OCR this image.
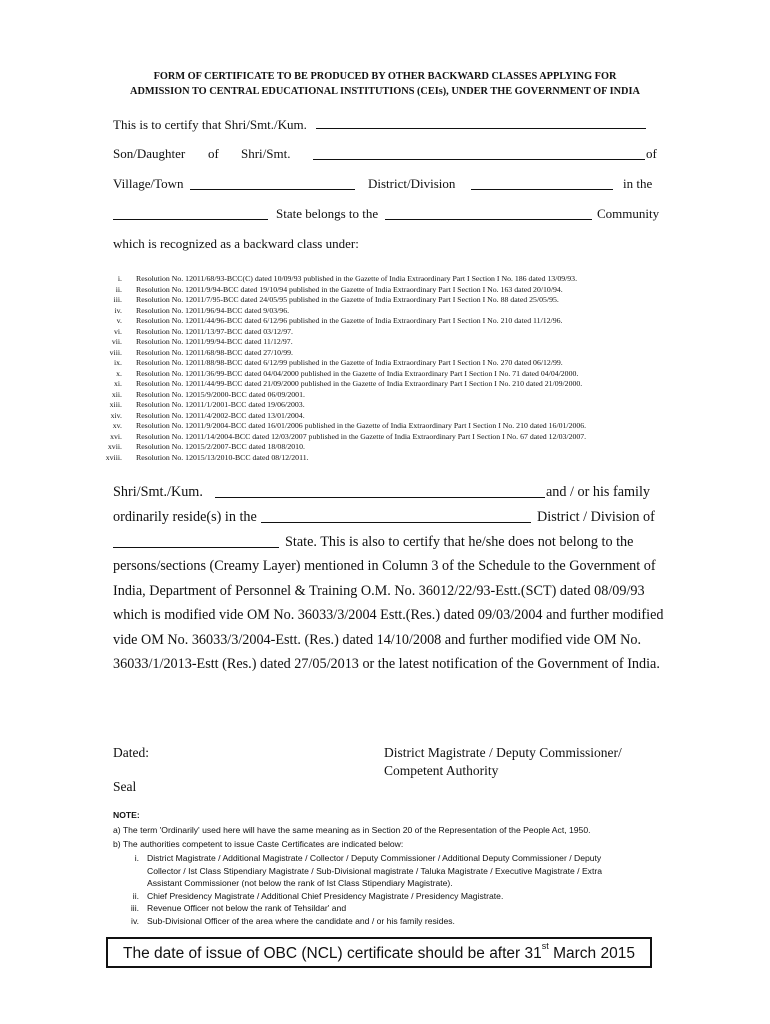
FORM OF CERTIFICATE TO BE PRODUCED BY OTHER BACKWARD CLASSES APPLYING FOR
ADMISSION TO CENTRAL EDUCATIONAL INSTITUTIONS (CEIs), UNDER THE GOVERNMENT OF INDIA
This is to certify that Shri/Smt./Kum.
Son/Daughter of Shri/Smt.	of
Village/Town	District/Division	in the
State belongs to the	Community
which is recognized as a backward class under:
i. Resolution No. 12011/68/93-BCC(C) dated 10/09/93 published in the Gazette of India Extraordinary Part I Section I No. 186 dated 13/09/93.
ii. Resolution No. 12011/9/94-BCC dated 19/10/94 published in the Gazette of India Extraordinary Part I Section I No. 163 dated 20/10/94.
iii. Resolution No. 12011/7/95-BCC dated 24/05/95 published in the Gazette of India Extraordinary Part I Section I No. 88 dated 25/05/95.
iv. Resolution No. 12011/96/94-BCC dated 9/03/96.
v. Resolution No. 12011/44/96-BCC dated 6/12/96 published in the Gazette of India Extraordinary Part I Section I No. 210 dated 11/12/96.
vi. Resolution No. 12011/13/97-BCC dated 03/12/97.
vii. Resolution No. 12011/99/94-BCC dated 11/12/97.
viii. Resolution No. 12011/68/98-BCC dated 27/10/99.
ix. Resolution No. 12011/88/98-BCC dated 6/12/99 published in the Gazette of India Extraordinary Part I Section I No. 270 dated 06/12/99.
x. Resolution No. 12011/36/99-BCC dated 04/04/2000 published in the Gazette of India Extraordinary Part I Section I No. 71 dated 04/04/2000.
xi. Resolution No. 12011/44/99-BCC dated 21/09/2000 published in the Gazette of India Extraordinary Part I Section I No. 210 dated 21/09/2000.
xii. Resolution No. 12015/9/2000-BCC dated 06/09/2001.
xiii. Resolution No. 12011/1/2001-BCC dated 19/06/2003.
xiv. Resolution No. 12011/4/2002-BCC dated 13/01/2004.
xv. Resolution No. 12011/9/2004-BCC dated 16/01/2006 published in the Gazette of India Extraordinary Part I Section I No. 210 dated 16/01/2006.
xvi. Resolution No. 12011/14/2004-BCC dated 12/03/2007 published in the Gazette of India Extraordinary Part I Section I No. 67 dated 12/03/2007.
xvii. Resolution No. 12015/2/2007-BCC dated 18/08/2010.
xviii. Resolution No. 12015/13/2010-BCC dated 08/12/2011.
Shri/Smt./Kum.	and / or his family
ordinarily reside(s) in the	District / Division of
State. This is also to certify that he/she does not belong to the
persons/sections (Creamy Layer) mentioned in Column 3 of the Schedule to the Government of
India, Department of Personnel & Training O.M. No. 36012/22/93-Estt.(SCT) dated 08/09/93
which is modified vide OM No. 36033/3/2004 Estt.(Res.) dated 09/03/2004 and further modified
vide OM No. 36033/3/2004-Estt. (Res.) dated 14/10/2008 and further modified vide OM No.
36033/1/2013-Estt (Res.) dated 27/05/2013 or the latest notification of the Government of India.
Dated:
Seal
District Magistrate / Deputy Commissioner/
Competent Authority
NOTE:
a) The term 'Ordinarily' used here will have the same meaning as in Section 20 of the Representation of the People Act, 1950.
b) The authorities competent to issue Caste Certificates are indicated below:
i. District Magistrate / Additional Magistrate / Collector / Deputy Commissioner / Additional Deputy Commissioner / Deputy
Collector / Ist Class Stipendiary Magistrate / Sub-Divisional magistrate / Taluka Magistrate / Executive Magistrate / Extra
Assistant Commissioner (not below the rank of Ist Class Stipendiary Magistrate).
ii. Chief Presidency Magistrate / Additional Chief Presidency Magistrate / Presidency Magistrate.
iii. Revenue Officer not below the rank of Tehsildar' and
iv. Sub-Divisional Officer of the area where the candidate and / or his family resides.
The date of issue of OBC (NCL) certificate should be after 31st March 2015
